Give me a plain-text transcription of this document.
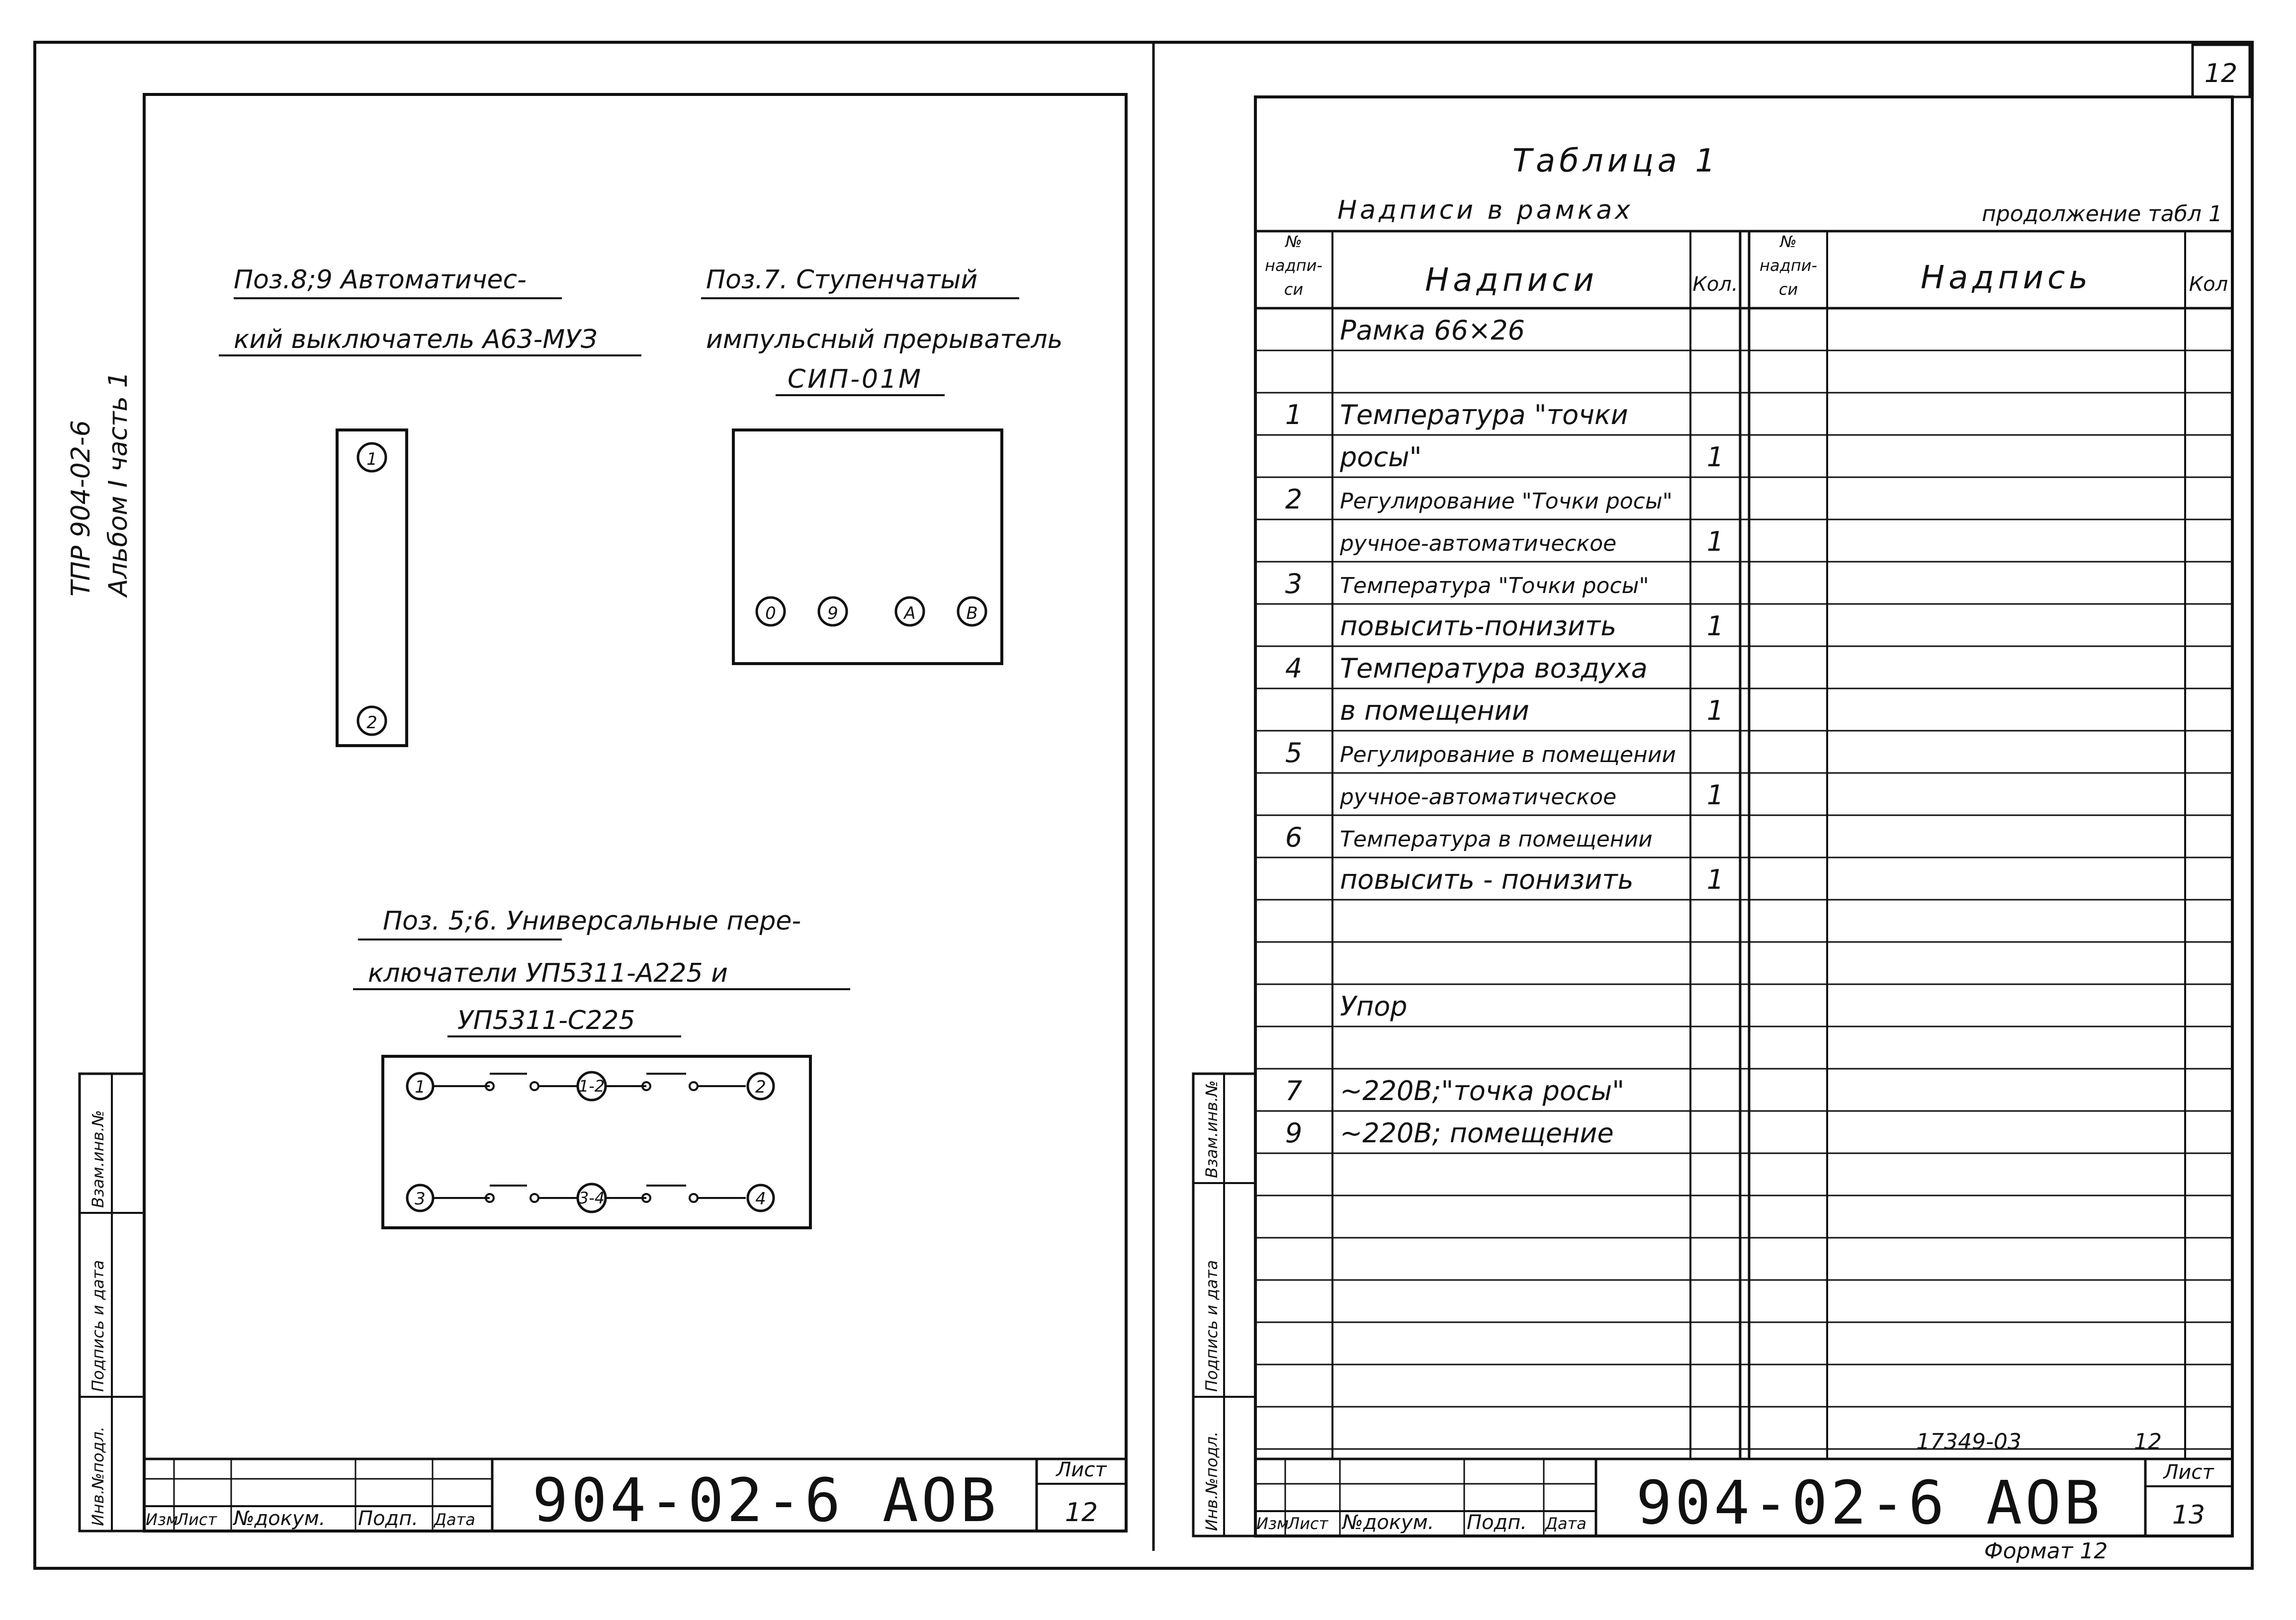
12
ТПР 904-02-6 Альбом I часть 1
Инв.№подл.
Подпись и дата
Взам.инв.№
Поз.8;9 Автоматичес-
кий выключатель А63-МУЗ
Поз.7. Ступенчатый
импульсный прерыватель
СИП-01М
1
2
0	9	A	B
Поз. 5;6. Универсальные пере-
ключатели УП5311-А225 и
УП5311-С225
1	1-2	2
3	3-4	4
Изм
Лист №докум. Подп. Дата 904-02-6 АОВ	Лист
12
Таблица 1
Надписи в рамках	продолжение табл 1
№
надпи-
си	Надписи	Кол.
№
надпи-
си	Надпись	Кол
Рамка 66×26
1 Температура "точки
росы"	1
2 Регулирование "Точки росы"
ручное-автоматическое	1
3 Температура "Точки росы"
повысить-понизить	1
4 Температура воздуха
в помещении	1
5 Регулирование в помещении
ручное-автоматическое	1
6 Температура в помещении
повысить - понизить	1
Упор
7 ~220В;"точка росы"
9 ~220В; помещение
17349-03	12
Инв.№подл.
Подпись и дата
Взам.инв.№
Изм
Лист №докум. Подп. Дата 904-02-6 АОВ	Лист
13
Формат 12
